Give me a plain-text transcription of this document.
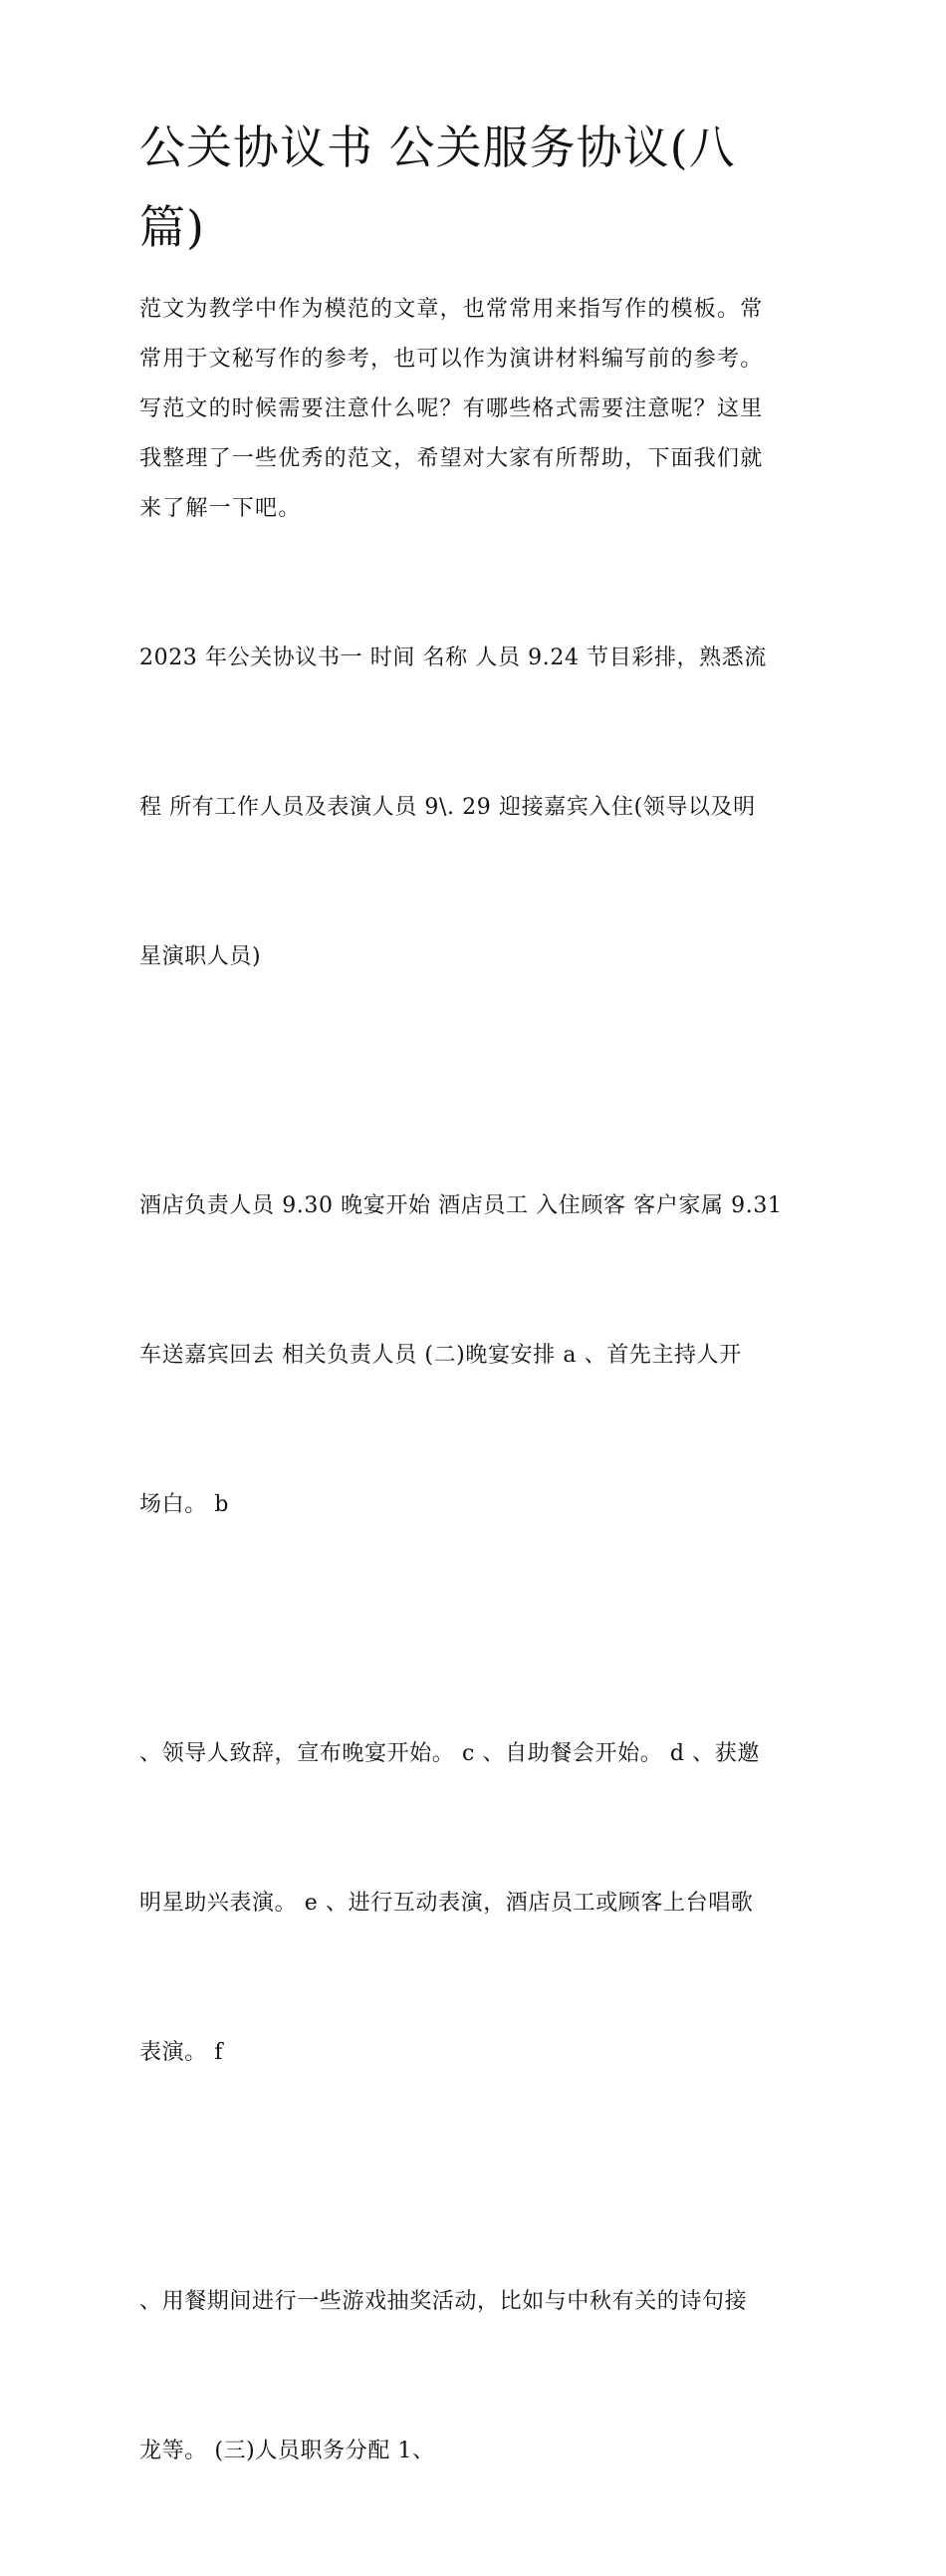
公关协议书 公关服务协议(八
篇)

范文为教学中作为模范的文章，也常常用来指写作的模板。常
常用于文秘写作的参考，也可以作为演讲材料编写前的参考。
写范文的时候需要注意什么呢？有哪些格式需要注意呢？这里
我整理了一些优秀的范文，希望对大家有所帮助，下面我们就
来了解一下吧。

2023 年公关协议书一 时间 名称 人员 9.24 节目彩排，熟悉流

程 所有工作人员及表演人员 9\. 29 迎接嘉宾入住(领导以及明

星演职人员)

酒店负责人员 9.30 晚宴开始 酒店员工 入住顾客 客户家属 9.31

车送嘉宾回去 相关负责人员 (二)晚宴安排 a 、首先主持人开

场白。 b

、领导人致辞，宣布晚宴开始。 c 、自助餐会开始。 d 、获邀

明星助兴表演。 e 、进行互动表演，酒店员工或顾客上台唱歌

表演。 f

、用餐期间进行一些游戏抽奖活动，比如与中秋有关的诗句接

龙等。 (三)人员职务分配 1、
